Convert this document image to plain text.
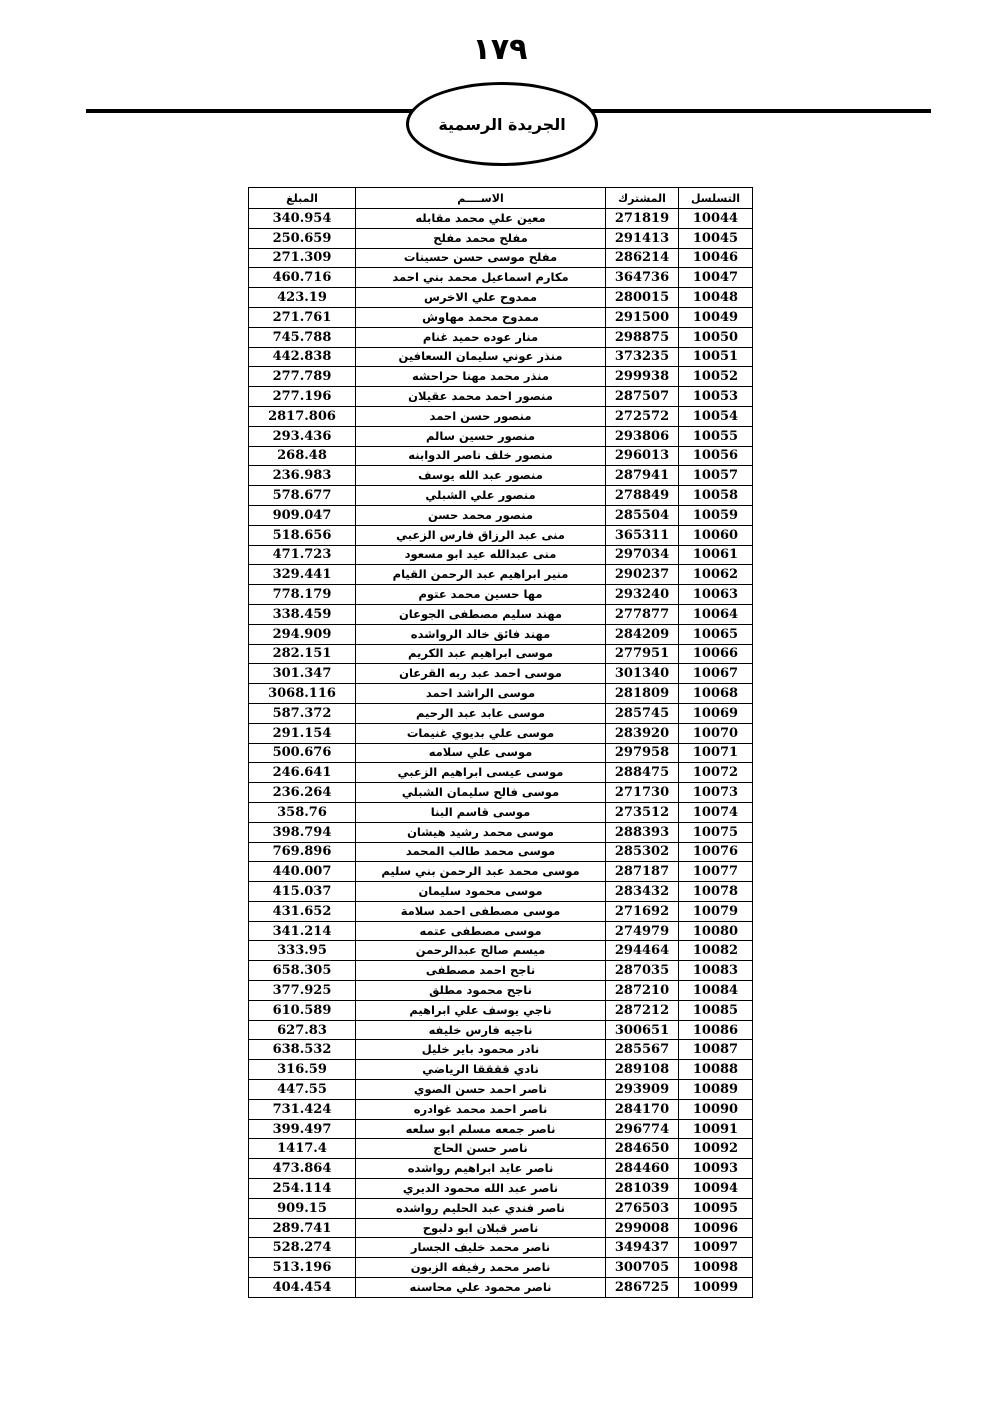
١٧٩
الجريدة الرسمية
المبلغ	الاســــم	المشترك	التسلسل
340.954	معين علي محمد مقابله	271819	10044
250.659	مفلح محمد مفلح	291413	10045
271.309	مفلح موسى حسن حسينات	286214	10046
460.716	مكارم اسماعيل محمد بني احمد	364736	10047
423.19	ممدوح علي الاخرس	280015	10048
271.761	ممدوح محمد مهاوش	291500	10049
745.788	منار عوده حميد غنام	298875	10050
442.838	منذر عوني سليمان السعافين	373235	10051
277.789	منذر محمد مهنا حراحشه	299938	10052
277.196	منصور احمد محمد عقيلان	287507	10053
2817.806	منصور حسن احمد	272572	10054
293.436	منصور حسين سالم	293806	10055
268.48	منصور خلف ناصر الدوابنه	296013	10056
236.983	منصور عبد الله يوسف	287941	10057
578.677	منصور علي الشبلي	278849	10058
909.047	منصور محمد حسن	285504	10059
518.656	منى عبد الرزاق فارس الزعبي	365311	10060
471.723	منى عبدالله عيد ابو مسعود	297034	10061
329.441	منير ابراهيم عبد الرحمن القيام	290237	10062
778.179	مها حسين محمد عتوم	293240	10063
338.459	مهند سليم مصطفى الجوعان	277877	10064
294.909	مهند فائق خالد الرواشده	284209	10065
282.151	موسى ابراهيم عبد الكريم	277951	10066
301.347	موسى احمد عبد ربه القرعان	301340	10067
3068.116	موسى الراشد احمد	281809	10068
587.372	موسى عابد عبد الرحيم	285745	10069
291.154	موسى علي بديوي غنيمات	283920	10070
500.676	موسى علي سلامه	297958	10071
246.641	موسى عيسى ابراهيم الزعبي	288475	10072
236.264	موسى فالح سليمان الشبلي	271730	10073
358.76	موسى قاسم البنا	273512	10074
398.794	موسى محمد رشيد هيشان	288393	10075
769.896	موسى محمد طالب المحمد	285302	10076
440.007	موسى محمد عبد الرحمن بني سليم	287187	10077
415.037	موسى محمود سليمان	283432	10078
431.652	موسى مصطفى احمد سلامة	271692	10079
341.214	موسى مصطفى عتمه	274979	10080
333.95	ميسم صالح عبدالرحمن	294464	10082
658.305	ناجح احمد مصطفى	287035	10083
377.925	ناجح محمود مطلق	287210	10084
610.589	ناجي يوسف علي ابراهيم	287212	10085
627.83	ناجيه فارس خليفه	300651	10086
638.532	نادر محمود باير خليل	285567	10087
316.59	نادي ققققا الرياضي	289108	10088
447.55	ناصر احمد حسن الصوي	293909	10089
731.424	ناصر احمد محمد غوادره	284170	10090
399.497	ناصر جمعه مسلم ابو سلعه	296774	10091
1417.4	ناصر حسن الحاج	284650	10092
473.864	ناصر عايد ابراهيم رواشده	284460	10093
254.114	ناصر عبد الله محمود الديري	281039	10094
909.15	ناصر فندي عبد الحليم رواشده	276503	10095
289.741	ناصر قبلان ابو دلبوح	299008	10096
528.274	ناصر محمد خليف الجسار	349437	10097
513.196	ناصر محمد رفيفه الزبون	300705	10098
404.454	ناصر محمود علي محاسنه	286725	10099
